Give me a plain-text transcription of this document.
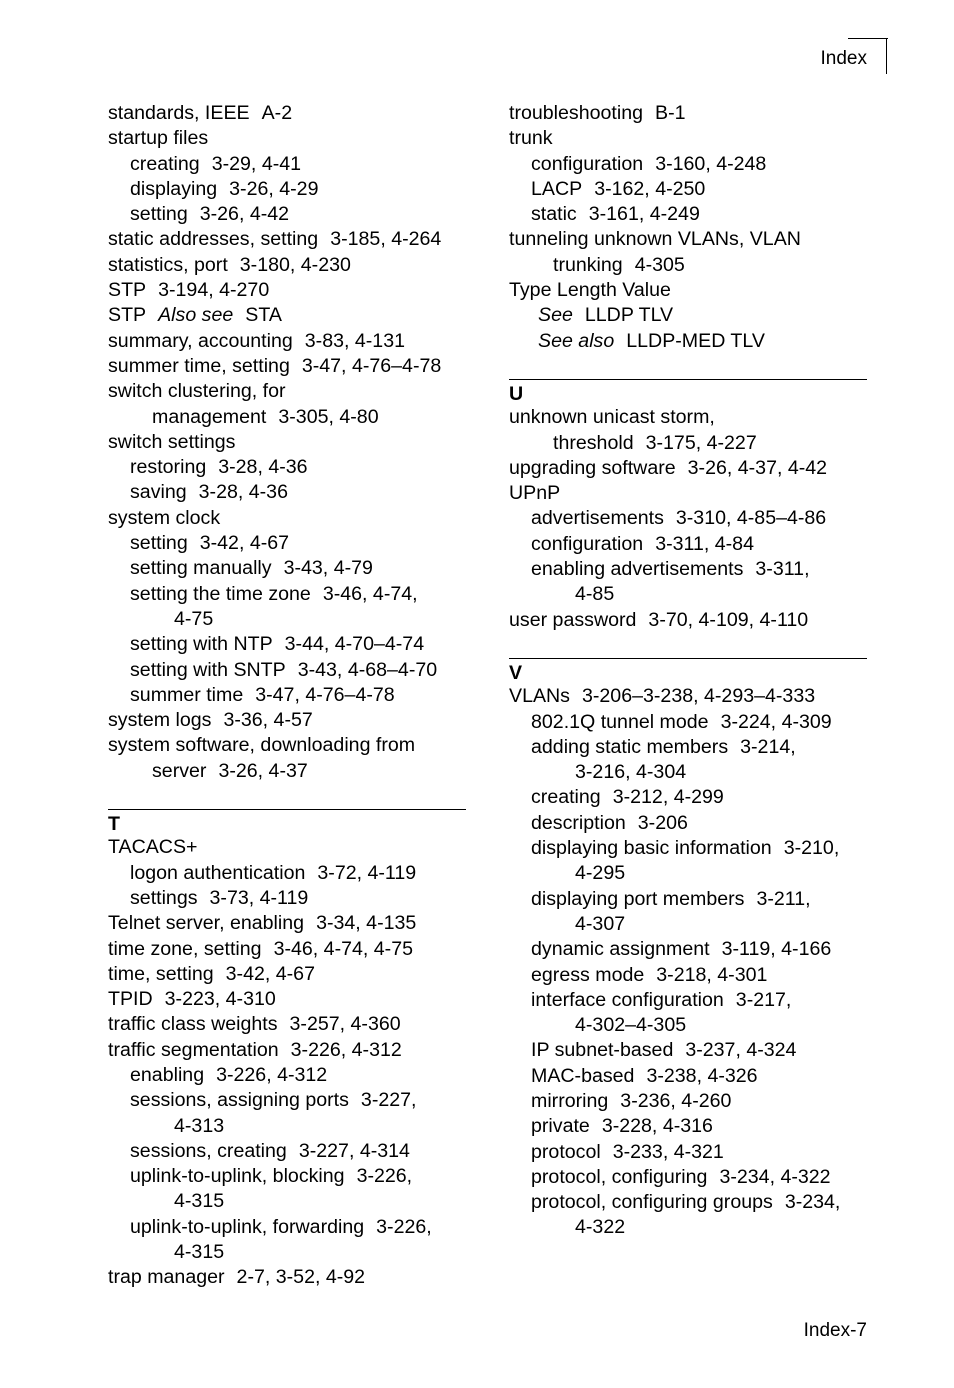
Index
standards, IEEE A-2
startup files
creating 3-29, 4-41
displaying 3-26, 4-29
setting 3-26, 4-42
static addresses, setting 3-185, 4-264
statistics, port 3-180, 4-230
STP 3-194, 4-270
STP Also see STA
summary, accounting 3-83, 4-131
summer time, setting 3-47, 4-76–4-78
switch clustering, for
management 3-305, 4-80
switch settings
restoring 3-28, 4-36
saving 3-28, 4-36
system clock
setting 3-42, 4-67
setting manually 3-43, 4-79
setting the time zone 3-46, 4-74,
4-75
setting with NTP 3-44, 4-70–4-74
setting with SNTP 3-43, 4-68–4-70
summer time 3-47, 4-76–4-78
system logs 3-36, 4-57
system software, downloading from
server 3-26, 4-37
T
TACACS+
logon authentication 3-72, 4-119
settings 3-73, 4-119
Telnet server, enabling 3-34, 4-135
time zone, setting 3-46, 4-74, 4-75
time, setting 3-42, 4-67
TPID 3-223, 4-310
traffic class weights 3-257, 4-360
traffic segmentation 3-226, 4-312
enabling 3-226, 4-312
sessions, assigning ports 3-227,
4-313
sessions, creating 3-227, 4-314
uplink-to-uplink, blocking 3-226,
4-315
uplink-to-uplink, forwarding 3-226,
4-315
trap manager 2-7, 3-52, 4-92
troubleshooting B-1
trunk
configuration 3-160, 4-248
LACP 3-162, 4-250
static 3-161, 4-249
tunneling unknown VLANs, VLAN
trunking 4-305
Type Length Value
See LLDP TLV
See also LLDP-MED TLV
U
unknown unicast storm,
threshold 3-175, 4-227
upgrading software 3-26, 4-37, 4-42
UPnP
advertisements 3-310, 4-85–4-86
configuration 3-311, 4-84
enabling advertisements 3-311,
4-85
user password 3-70, 4-109, 4-110
V
VLANs 3-206–3-238, 4-293–4-333
802.1Q tunnel mode 3-224, 4-309
adding static members 3-214,
3-216, 4-304
creating 3-212, 4-299
description 3-206
displaying basic information 3-210,
4-295
displaying port members 3-211,
4-307
dynamic assignment 3-119, 4-166
egress mode 3-218, 4-301
interface configuration 3-217,
4-302–4-305
IP subnet-based 3-237, 4-324
MAC-based 3-238, 4-326
mirroring 3-236, 4-260
private 3-228, 4-316
protocol 3-233, 4-321
protocol, configuring 3-234, 4-322
protocol, configuring groups 3-234,
4-322
Index-7
